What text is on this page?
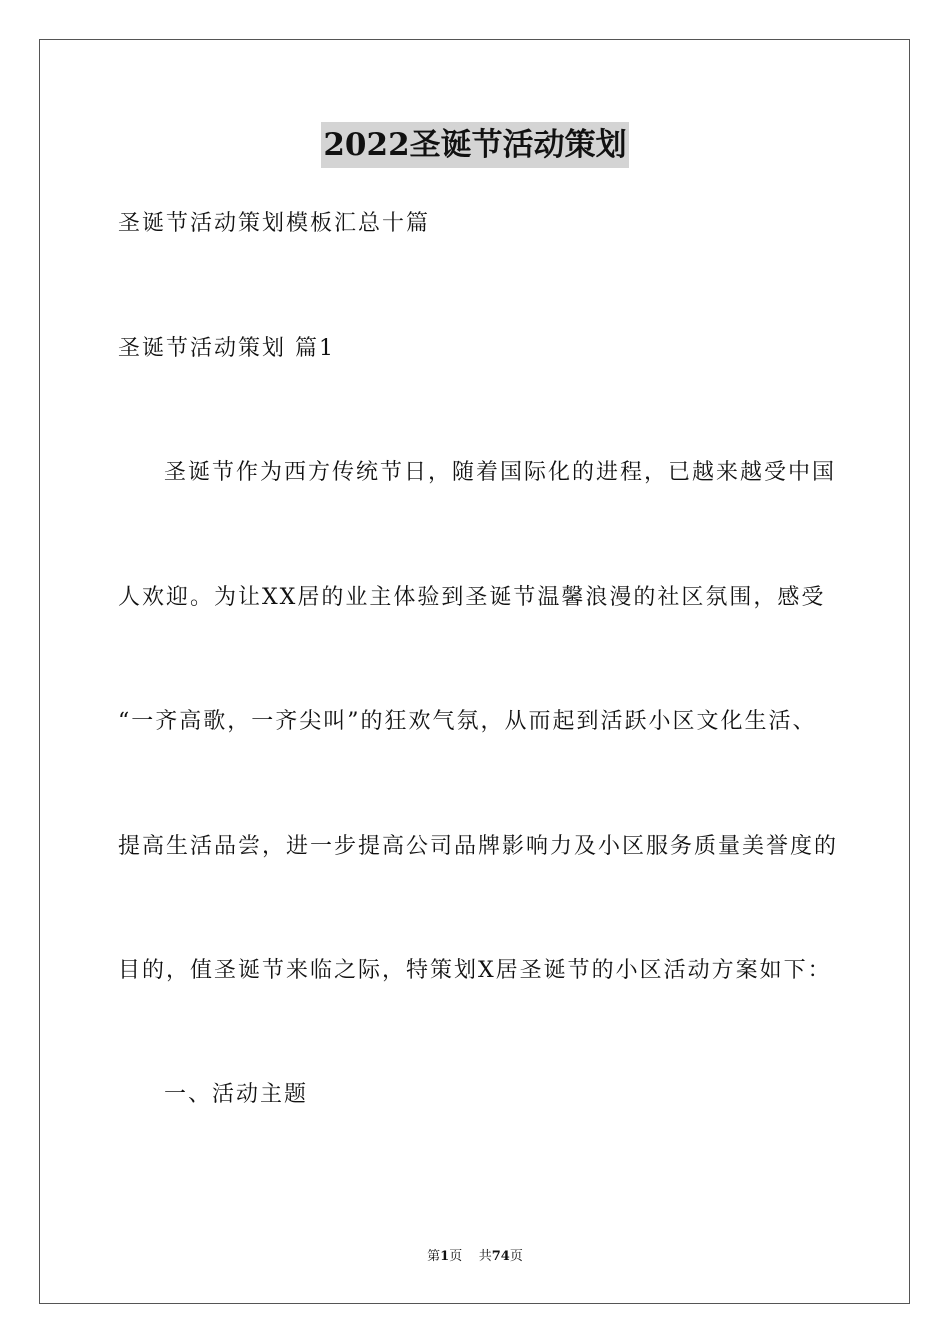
2022圣诞节活动策划
圣诞节活动策划模板汇总十篇
圣诞节活动策划 篇1
圣诞节作为西方传统节日，随着国际化的进程，已越来越受中国
人欢迎。为让XX居的业主体验到圣诞节温馨浪漫的社区氛围，感受
“一齐高歌，一齐尖叫”的狂欢气氛，从而起到活跃小区文化生活、
提高生活品尝，进一步提高公司品牌影响力及小区服务质量美誉度的
目的，值圣诞节来临之际，特策划X居圣诞节的小区活动方案如下：
一、活动主题
第1页 共74页
